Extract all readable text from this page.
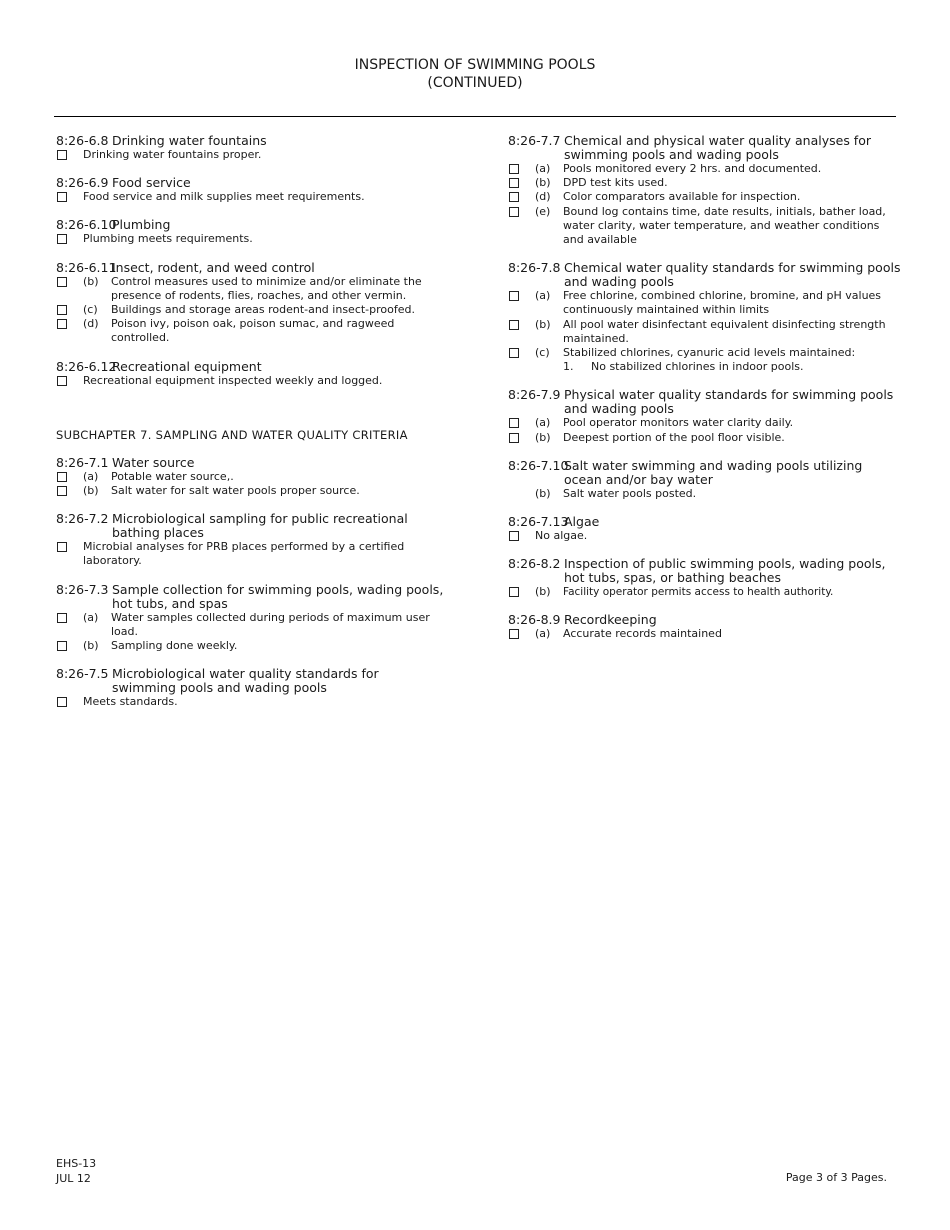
INSPECTION OF SWIMMING POOLS
(CONTINUED)
8:26-6.8 Drinking water fountains
Drinking water fountains proper.
8:26-6.9 Food service
Food service and milk supplies meet requirements.
8:26-6.10
Plumbing
Plumbing meets requirements.
8:26-6.11
Insect, rodent, and weed control
(b)	Control measures used to minimize and/or eliminate the presence of rodents, flies, roaches, and other vermin.
(c)	Buildings and storage areas rodent-and insect-proofed.
(d)	Poison ivy, poison oak, poison sumac, and ragweed controlled.
8:26-6.12
Recreational equipment
Recreational equipment inspected weekly and logged.
SUBCHAPTER 7. SAMPLING AND WATER QUALITY CRITERIA
8:26-7.1 Water source
(a)	Potable water source,.
(b)	Salt water for salt water pools proper source.
8:26-7.2 Microbiological sampling for public recreational bathing places
Microbial analyses for PRB places performed by a certified laboratory.
8:26-7.3 Sample collection for swimming pools, wading pools, hot tubs, and spas
(a)	Water samples collected during periods of maximum user load.
(b)	Sampling done weekly.
8:26-7.5 Microbiological water quality standards for swimming pools and wading pools
Meets standards.
8:26-7.7 Chemical and physical water quality analyses for swimming pools and wading pools
(a)	Pools monitored every 2 hrs. and documented.
(b)	DPD test kits used.
(d)	Color comparators available for inspection.
(e)	Bound log contains time, date results, initials, bather load, water clarity, water temperature, and weather conditions and available
8:26-7.8 Chemical water quality standards for swimming pools and wading pools
(a)	Free chlorine, combined chlorine, bromine, and pH values continuously maintained within limits
(b)	All pool water disinfectant equivalent disinfecting strength maintained.
(c)	Stabilized chlorines, cyanuric acid levels maintained:
1. No stabilized chlorines in indoor pools.
8:26-7.9 Physical water quality standards for swimming pools and wading pools
(a)	Pool operator monitors water clarity daily.
(b)	Deepest portion of the pool floor visible.
8:26-7.10
Salt water swimming and wading pools utilizing ocean and/or bay water
(b)	Salt water pools posted.
8:26-7.13
Algae
No algae.
8:26-8.2 Inspection of public swimming pools, wading pools, hot tubs, spas, or bathing beaches
(b)	Facility operator permits access to health authority.
8:26-8.9 Recordkeeping
(a)	Accurate records maintained
EHS-13
JUL 12	Page 3 of 3 Pages.
